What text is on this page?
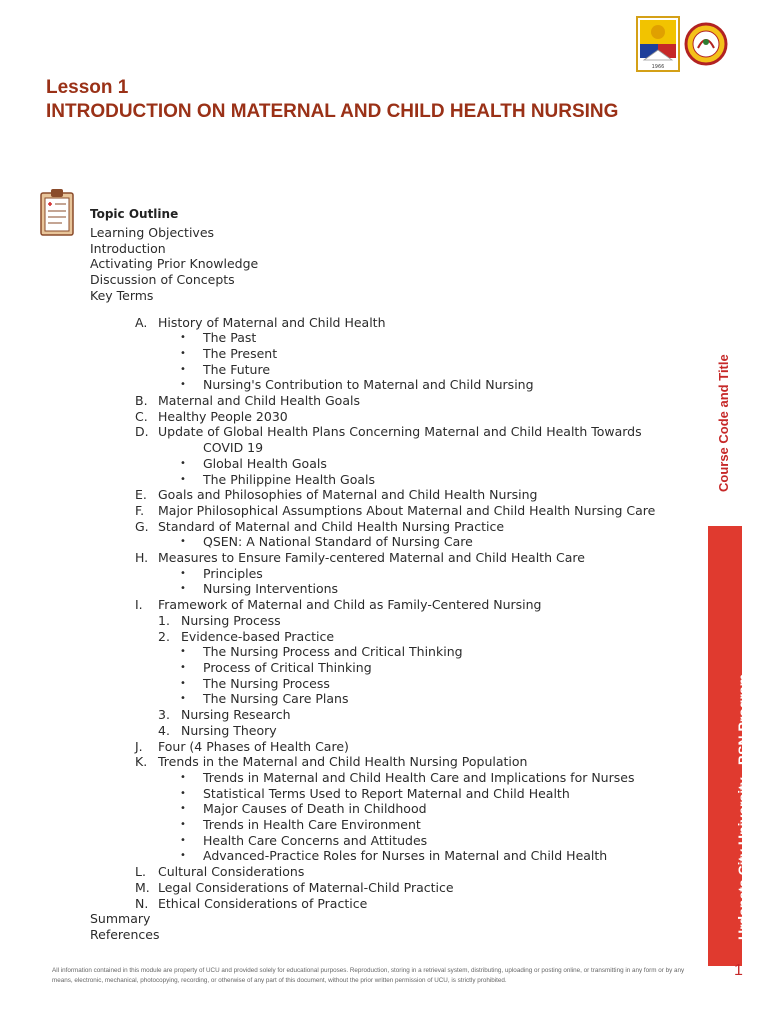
1966
Lesson 1
INTRODUCTION ON MATERNAL AND CHILD HEALTH NURSING
Topic Outline
Learning Objectives
Introduction
Activating Prior Knowledge
Discussion of Concepts
Key Terms
A. History of Maternal and Child Health
• The Past
• The Present
• The Future
• Nursing's Contribution to Maternal and Child Nursing
B. Maternal and Child Health Goals
C. Healthy People 2030
D. Update of Global Health Plans Concerning Maternal and Child Health Towards
COVID 19
• Global Health Goals
• The Philippine Health Goals
E. Goals and Philosophies of Maternal and Child Health Nursing
F. Major Philosophical Assumptions About Maternal and Child Health Nursing Care
G. Standard of Maternal and Child Health Nursing Practice
• QSEN: A National Standard of Nursing Care
H. Measures to Ensure Family-centered Maternal and Child Health Care
• Principles
• Nursing Interventions
I. Framework of Maternal and Child as Family-Centered Nursing
1. Nursing Process
2. Evidence-based Practice
• The Nursing Process and Critical Thinking
• Process of Critical Thinking
• The Nursing Process
• The Nursing Care Plans
3. Nursing Research
4. Nursing Theory
J. Four (4 Phases of Health Care)
K. Trends in the Maternal and Child Health Nursing Population
• Trends in Maternal and Child Health Care and Implications for Nurses
• Statistical Terms Used to Report Maternal and Child Health
• Major Causes of Death in Childhood
• Trends in Health Care Environment
• Health Care Concerns and Attitudes
• Advanced-Practice Roles for Nurses in Maternal and Child Health
L. Cultural Considerations
M. Legal Considerations of Maternal-Child Practice
N. Ethical Considerations of Practice
Summary
References
Course Code and Title
Urdaneta City University - BSN Program

All information contained in this module are property of UCU and provided solely for educational purposes. Reproduction, storing in a retrieval system, distributing, uploading or posting online, or transmitting in any form or by any means, electronic, mechanical, photocopying, recording, or otherwise of any part of this document, without the prior written permission of UCU, is strictly prohibited.

1
